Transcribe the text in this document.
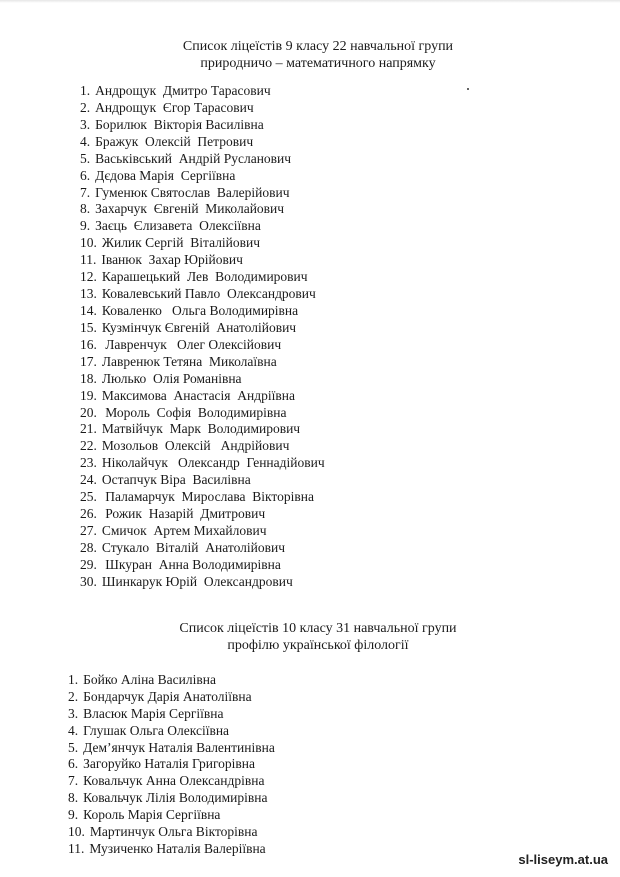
Список ліцеїстів 9 класу 22 навчальної групи
природничо – математичного напрямку
1. Андрощук  Дмитро Тарасович
2. Андрощук  Єгор Тарасович
3. Борилюк  Вікторія Василівна
4. Бражук  Олексій  Петрович
5. Васьківський  Андрій Русланович
6. Дєдова Марія  Сергіївна
7. Гуменюк Святослав  Валерійович
8. Захарчук  Євгеній  Миколайович
9. Заєць  Єлизавета  Олексіївна
10. Жилик Сергій  Віталійович
11. Іванюк  Захар Юрійович
12. Карашецький  Лев  Володимирович
13. Ковалевський Павло  Олександрович
14. Коваленко   Ольга Володимирівна
15. Кузмінчук Євгеній  Анатолійович
16. Лавренчук   Олег Олексійович
17. Лавренюк Тетяна  Миколаївна
18. Люлько  Олія Романівна
19. Максимова  Анастасія  Андріївна
20. Мороль  Софія  Володимирівна
21. Матвійчук  Марк  Володимирович
22. Мозольов  Олексій   Андрійович
23. Ніколайчук   Олександр  Геннадійович
24. Остапчук Віра  Василівна
25. Паламарчук  Мирослава  Вікторівна
26. Рожик  Назарій  Дмитрович
27. Смичок  Артем Михайлович
28. Стукало  Віталій  Анатолійович
29. Шкуран  Анна Володимирівна
30. Шинкарук Юрій  Олександрович
Список ліцеїстів 10 класу 31 навчальної групи
профілю української філології
1. Бойко Аліна Василівна
2. Бондарчук Дарія Анатоліївна
3. Власюк Марія Сергіївна
4. Глушак Ольга Олексіївна
5. Дем’янчук Наталія Валентинівна
6. Загоруйко Наталія Григорівна
7. Ковальчук Анна Олександрівна
8. Ковальчук Лілія Володимирівна
9. Король Марія Сергіївна
10. Мартинчук Ольга Вікторівна
11. Музиченко Наталія Валеріївна
sl-liseym.at.ua
